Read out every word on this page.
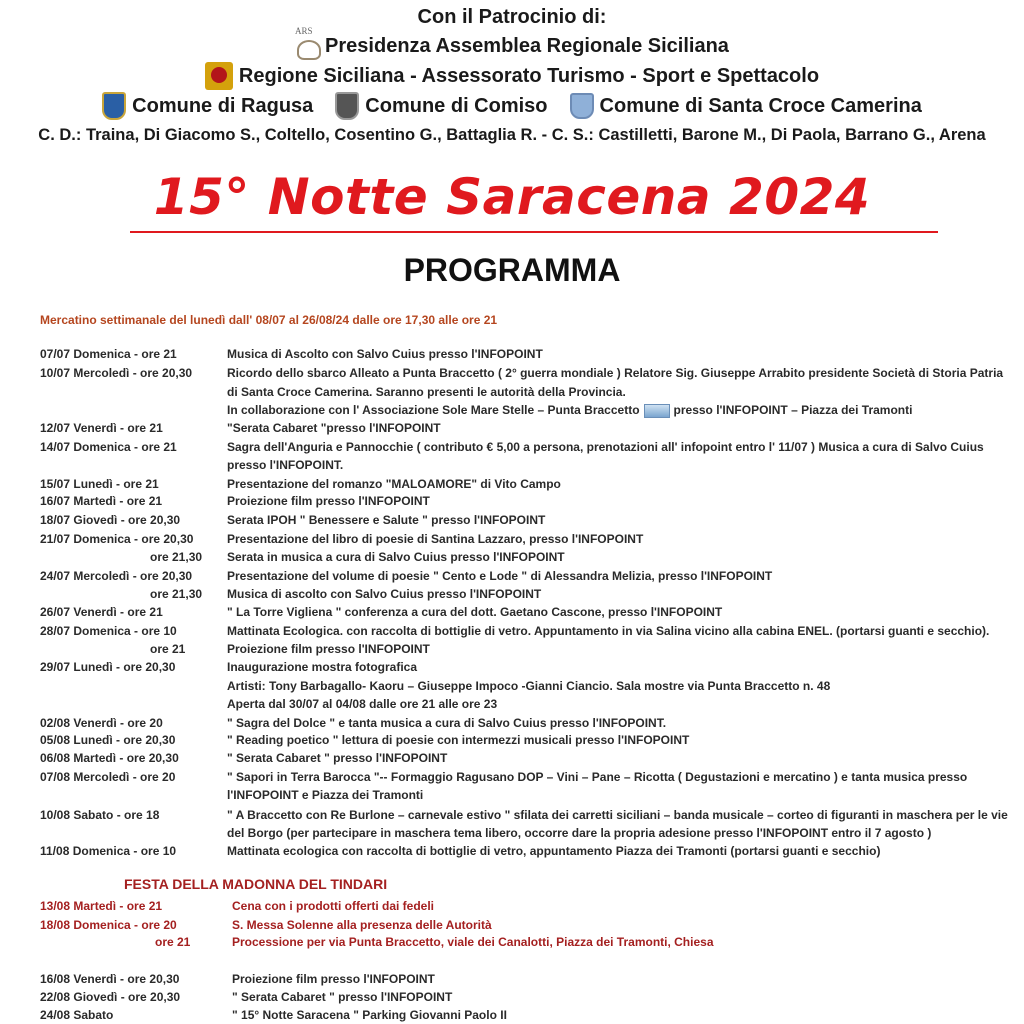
Con il Patrocinio di:
ARS
Presidenza Assemblea Regionale Siciliana
Regione Siciliana - Assessorato Turismo - Sport e Spettacolo
Comune di Ragusa	Comune di Comiso	Comune di Santa Croce Camerina
C. D.: Traina, Di Giacomo S., Coltello, Cosentino G., Battaglia R. - C. S.: Castilletti, Barone M., Di Paola, Barrano G., Arena
15° Notte Saracena 2024
PROGRAMMA
Mercatino settimanale del lunedì dall' 08/07 al 26/08/24 dalle ore 17,30 alle ore 21
07/07 Domenica - ore 21	Musica di Ascolto con Salvo Cuius presso l'INFOPOINT
10/07 Mercoledì - ore 20,30	Ricordo dello sbarco Alleato a Punta Braccetto ( 2° guerra mondiale ) Relatore Sig. Giuseppe Arrabito presidente Società di Storia Patria
di Santa Croce Camerina. Saranno presenti le autorità della Provincia.
In collaborazione con l' Associazione Sole Mare Stelle – Punta Braccetto	presso l'INFOPOINT – Piazza dei Tramonti
12/07 Venerdì - ore 21	"Serata Cabaret "presso l'INFOPOINT
14/07 Domenica - ore 21	Sagra dell'Anguria e Pannocchie ( contributo € 5,00 a persona, prenotazioni all' infopoint entro l' 11/07 ) Musica a cura di Salvo Cuius
presso l'INFOPOINT.
15/07 Lunedì - ore 21	Presentazione del romanzo "MALOAMORE" di Vito Campo
16/07 Martedì - ore 21	Proiezione film presso l'INFOPOINT
18/07 Giovedì - ore 20,30	Serata IPOH " Benessere e Salute " presso l'INFOPOINT
21/07 Domenica - ore 20,30	Presentazione del libro di poesie di Santina Lazzaro, presso l'INFOPOINT
ore 21,30 Serata in musica a cura di Salvo Cuius presso l'INFOPOINT
24/07 Mercoledì - ore 20,30	Presentazione del volume di poesie " Cento e Lode " di Alessandra Melizia, presso l'INFOPOINT
ore 21,30 Musica di ascolto con Salvo Cuius presso l'INFOPOINT
26/07 Venerdì - ore 21	" La Torre Vigliena " conferenza a cura del dott. Gaetano Cascone, presso l'INFOPOINT
28/07 Domenica - ore 10	Mattinata Ecologica. con raccolta di bottiglie di vetro. Appuntamento in via Salina vicino alla cabina ENEL. (portarsi guanti e secchio).
ore 21	Proiezione film presso l'INFOPOINT
29/07 Lunedì - ore 20,30	Inaugurazione mostra fotografica
Artisti: Tony Barbagallo- Kaoru – Giuseppe Impoco -Gianni Ciancio. Sala mostre via Punta Braccetto n. 48
Aperta dal 30/07 al 04/08 dalle ore 21 alle ore 23
02/08 Venerdì - ore 20	" Sagra del Dolce " e tanta musica a cura di Salvo Cuius presso l'INFOPOINT.
05/08 Lunedì - ore 20,30	" Reading poetico " lettura di poesie con intermezzi musicali presso l'INFOPOINT
06/08 Martedì - ore 20,30	" Serata Cabaret " presso l'INFOPOINT
07/08 Mercoledì - ore 20	" Sapori in Terra Barocca "-- Formaggio Ragusano DOP – Vini – Pane – Ricotta ( Degustazioni e mercatino ) e tanta musica presso
l'INFOPOINT e Piazza dei Tramonti
10/08 Sabato - ore 18	" A Braccetto con Re Burlone – carnevale estivo " sfilata dei carretti siciliani – banda musicale – corteo di figuranti in maschera per le vie
del Borgo (per partecipare in maschera tema libero, occorre dare la propria adesione presso l'INFOPOINT entro il 7 agosto )
11/08 Domenica - ore 10	Mattinata ecologica con raccolta di bottiglie di vetro, appuntamento Piazza dei Tramonti (portarsi guanti e secchio)
13/08 Martedì - ore 21	Cena con i prodotti offerti dai fedeli
18/08 Domenica - ore 20	S. Messa Solenne alla presenza delle Autorità
ore 21	Processione per via Punta Braccetto, viale dei Canalotti, Piazza dei Tramonti, Chiesa
16/08 Venerdì - ore 20,30	Proiezione film presso l'INFOPOINT
22/08 Giovedì - ore 20,30	" Serata Cabaret " presso l'INFOPOINT
24/08 Sabato	" 15° Notte Saracena " Parking Giovanni Paolo II
FESTA DELLA MADONNA DEL TINDARI
